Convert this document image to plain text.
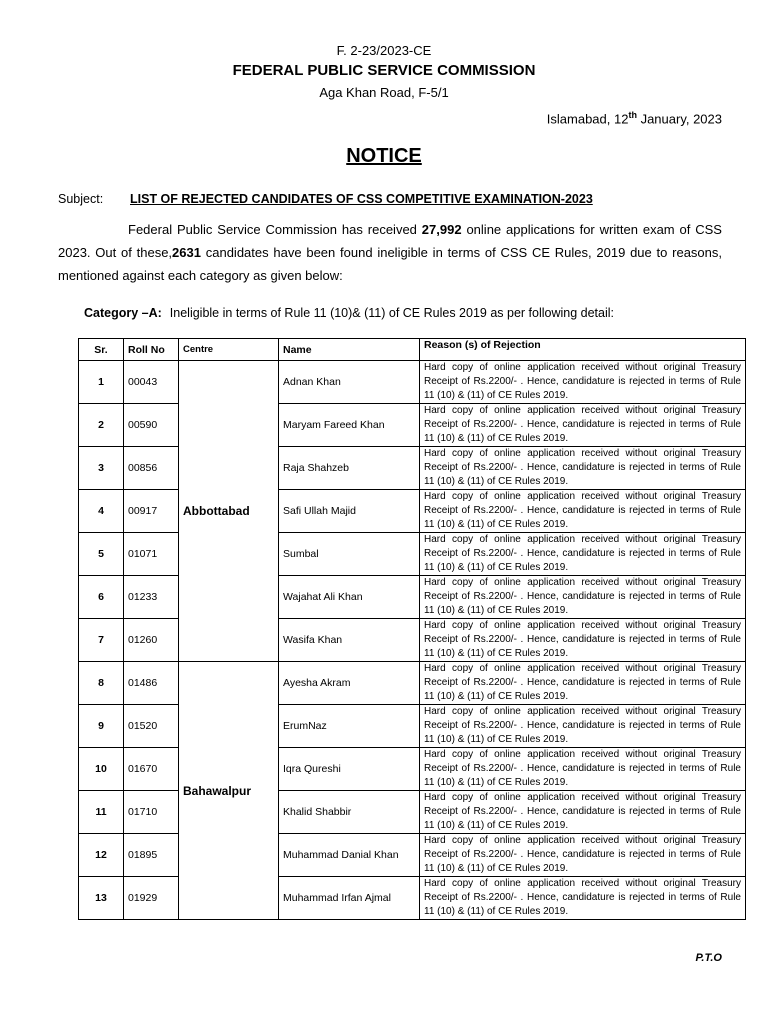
F. 2-23/2023-CE
FEDERAL PUBLIC SERVICE COMMISSION
Aga Khan Road, F-5/1
Islamabad, 12th January, 2023
NOTICE
Subject: LIST OF REJECTED CANDIDATES OF CSS COMPETITIVE EXAMINATION-2023
Federal Public Service Commission has received 27,992 online applications for written exam of CSS 2023. Out of these,2631 candidates have been found ineligible in terms of CSS CE Rules, 2019 due to reasons, mentioned against each category as given below:
Category –A: Ineligible in terms of Rule 11 (10)& (11) of CE Rules 2019 as per following detail:
Sr.	Roll No	Centre	Name	Reason (s) of Rejection
1	00043	Abbottabad	Adnan Khan	Hard copy of online application received without original Treasury Receipt of Rs.2200/- . Hence, candidature is rejected in terms of Rule 11 (10) & (11) of CE Rules 2019.
2	00590		Maryam Fareed Khan	Hard copy of online application received without original Treasury Receipt of Rs.2200/- . Hence, candidature is rejected in terms of Rule 11 (10) & (11) of CE Rules 2019.
3	00856		Raja Shahzeb	Hard copy of online application received without original Treasury Receipt of Rs.2200/- . Hence, candidature is rejected in terms of Rule 11 (10) & (11) of CE Rules 2019.
4	00917		Safi Ullah Majid	Hard copy of online application received without original Treasury Receipt of Rs.2200/- . Hence, candidature is rejected in terms of Rule 11 (10) & (11) of CE Rules 2019.
5	01071		Sumbal	Hard copy of online application received without original Treasury Receipt of Rs.2200/- . Hence, candidature is rejected in terms of Rule 11 (10) & (11) of CE Rules 2019.
6	01233		Wajahat Ali Khan	Hard copy of online application received without original Treasury Receipt of Rs.2200/- . Hence, candidature is rejected in terms of Rule 11 (10) & (11) of CE Rules 2019.
7	01260		Wasifa Khan	Hard copy of online application received without original Treasury Receipt of Rs.2200/- . Hence, candidature is rejected in terms of Rule 11 (10) & (11) of CE Rules 2019.
8	01486	Bahawalpur	Ayesha Akram	Hard copy of online application received without original Treasury Receipt of Rs.2200/- . Hence, candidature is rejected in terms of Rule 11 (10) & (11) of CE Rules 2019.
9	01520		ErumNaz	Hard copy of online application received without original Treasury Receipt of Rs.2200/- . Hence, candidature is rejected in terms of Rule 11 (10) & (11) of CE Rules 2019.
10	01670		Iqra Qureshi	Hard copy of online application received without original Treasury Receipt of Rs.2200/- . Hence, candidature is rejected in terms of Rule 11 (10) & (11) of CE Rules 2019.
11	01710		Khalid Shabbir	Hard copy of online application received without original Treasury Receipt of Rs.2200/- . Hence, candidature is rejected in terms of Rule 11 (10) & (11) of CE Rules 2019.
12	01895		Muhammad Danial Khan	Hard copy of online application received without original Treasury Receipt of Rs.2200/- . Hence, candidature is rejected in terms of Rule 11 (10) & (11) of CE Rules 2019.
13	01929		Muhammad Irfan Ajmal	Hard copy of online application received without original Treasury Receipt of Rs.2200/- . Hence, candidature is rejected in terms of Rule 11 (10) & (11) of CE Rules 2019.
P.T.O
